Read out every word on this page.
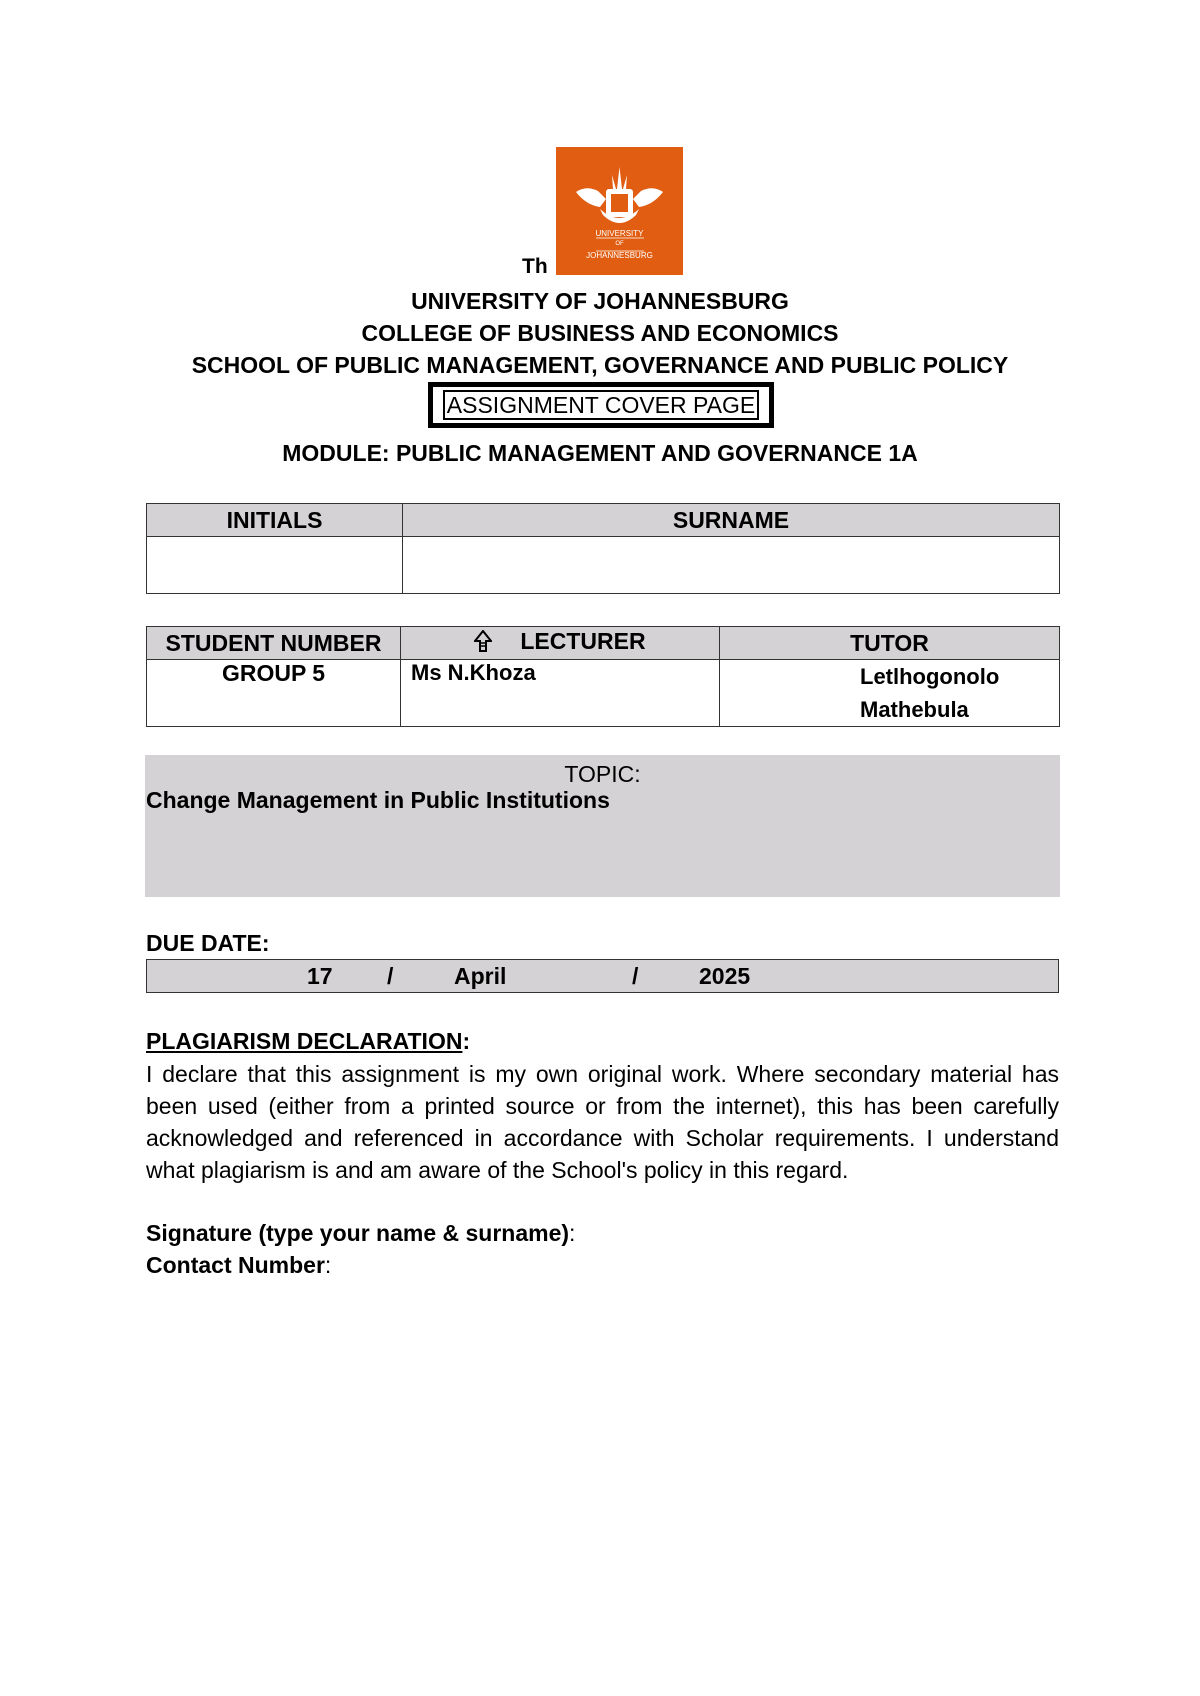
UNIVERSITY
OF
JOHANNESBURG
Th
UNIVERSITY OF JOHANNESBURG
COLLEGE OF BUSINESS AND ECONOMICS
SCHOOL OF PUBLIC MANAGEMENT, GOVERNANCE AND PUBLIC POLICY
ASSIGNMENT COVER PAGE
MODULE: PUBLIC MANAGEMENT AND GOVERNANCE 1A
INITIALS	SURNAME

STUDENT NUMBER	LECTURER	TUTOR
GROUP 5	Ms N.Khoza	Letlhogonolo
Mathebula
TOPIC:
Change Management in Public Institutions
DUE DATE:
17 /	April	/	2025
PLAGIARISM DECLARATION:
I declare that this assignment is my own original work. Where secondary material has been used (either from a printed source or from the internet), this has been carefully acknowledged and referenced in accordance with Scholar requirements. I understand what plagiarism is and am aware of the School's policy in this regard.
Signature (type your name & surname):
Contact Number:
